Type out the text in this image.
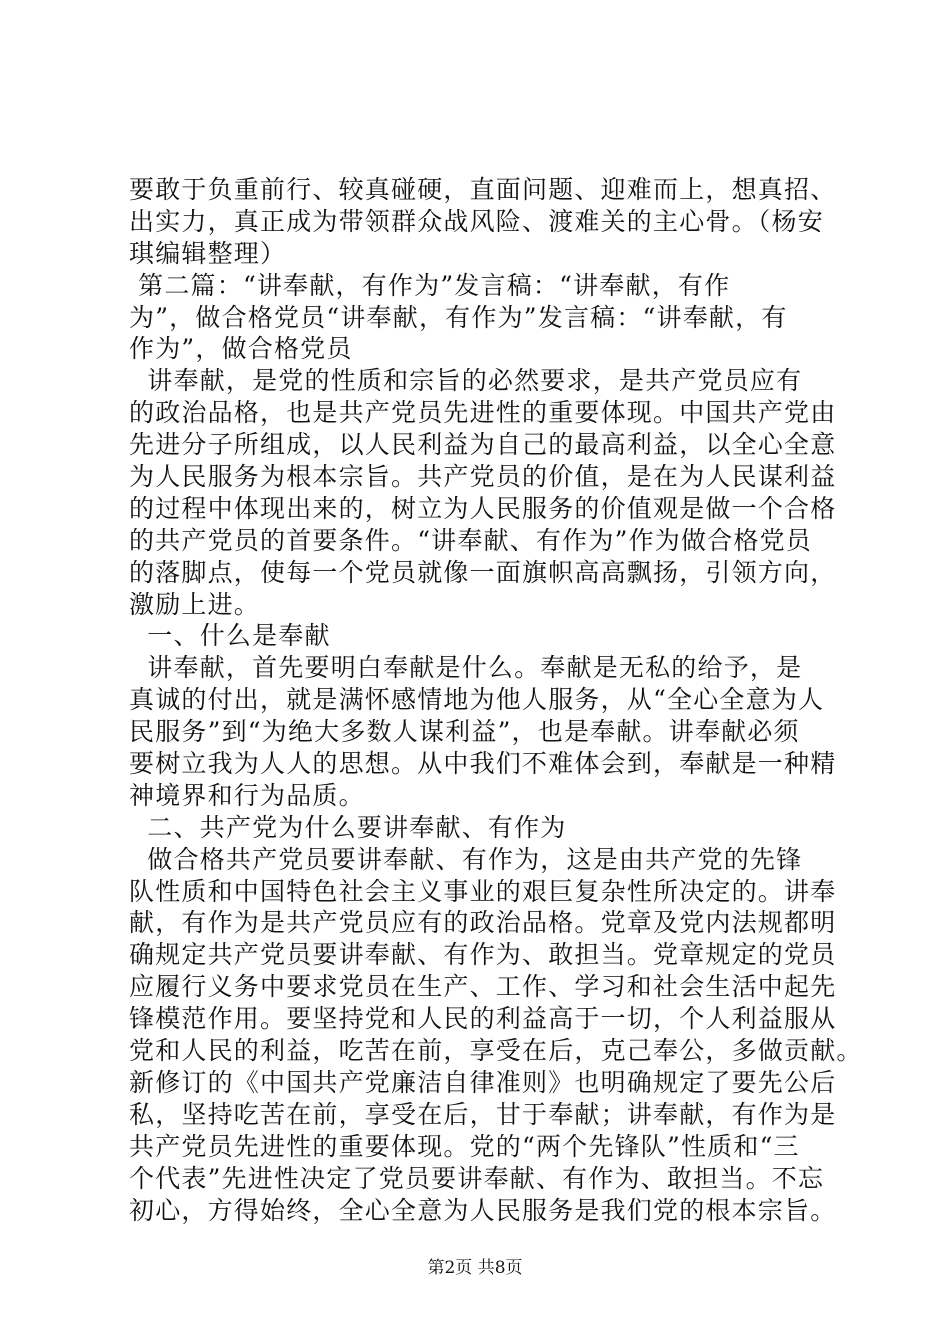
要敢于负重前行、较真碰硬，直面问题、迎难而上，想真招、
出实力，真正成为带领群众战风险、渡难关的主心骨。（杨安
琪编辑整理）
第二篇：“讲奉献，有作为”发言稿：“讲奉献，有作
为”，做合格党员“讲奉献，有作为”发言稿：“讲奉献，有
作为”，做合格党员
讲奉献，是党的性质和宗旨的必然要求，是共产党员应有
的政治品格，也是共产党员先进性的重要体现。中国共产党由
先进分子所组成，以人民利益为自己的最高利益，以全心全意
为人民服务为根本宗旨。共产党员的价值，是在为人民谋利益
的过程中体现出来的，树立为人民服务的价值观是做一个合格
的共产党员的首要条件。“讲奉献、有作为”作为做合格党员
的落脚点，使每一个党员就像一面旗帜高高飘扬，引领方向，
激励上进。
一、什么是奉献
讲奉献，首先要明白奉献是什么。奉献是无私的给予，是
真诚的付出，就是满怀感情地为他人服务，从“全心全意为人
民服务”到“为绝大多数人谋利益”，也是奉献。讲奉献必须
要树立我为人人的思想。从中我们不难体会到，奉献是一种精
神境界和行为品质。
二、共产党为什么要讲奉献、有作为
做合格共产党员要讲奉献、有作为，这是由共产党的先锋
队性质和中国特色社会主义事业的艰巨复杂性所决定的。讲奉
献，有作为是共产党员应有的政治品格。党章及党内法规都明
确规定共产党员要讲奉献、有作为、敢担当。党章规定的党员
应履行义务中要求党员在生产、工作、学习和社会生活中起先
锋模范作用。要坚持党和人民的利益高于一切，个人利益服从
党和人民的利益，吃苦在前，享受在后，克己奉公，多做贡献。
新修订的《中国共产党廉洁自律准则》也明确规定了要先公后
私，坚持吃苦在前，享受在后，甘于奉献；讲奉献，有作为是
共产党员先进性的重要体现。党的“两个先锋队”性质和“三
个代表”先进性决定了党员要讲奉献、有作为、敢担当。不忘
初心，方得始终，全心全意为人民服务是我们党的根本宗旨。
第2页 共8页
